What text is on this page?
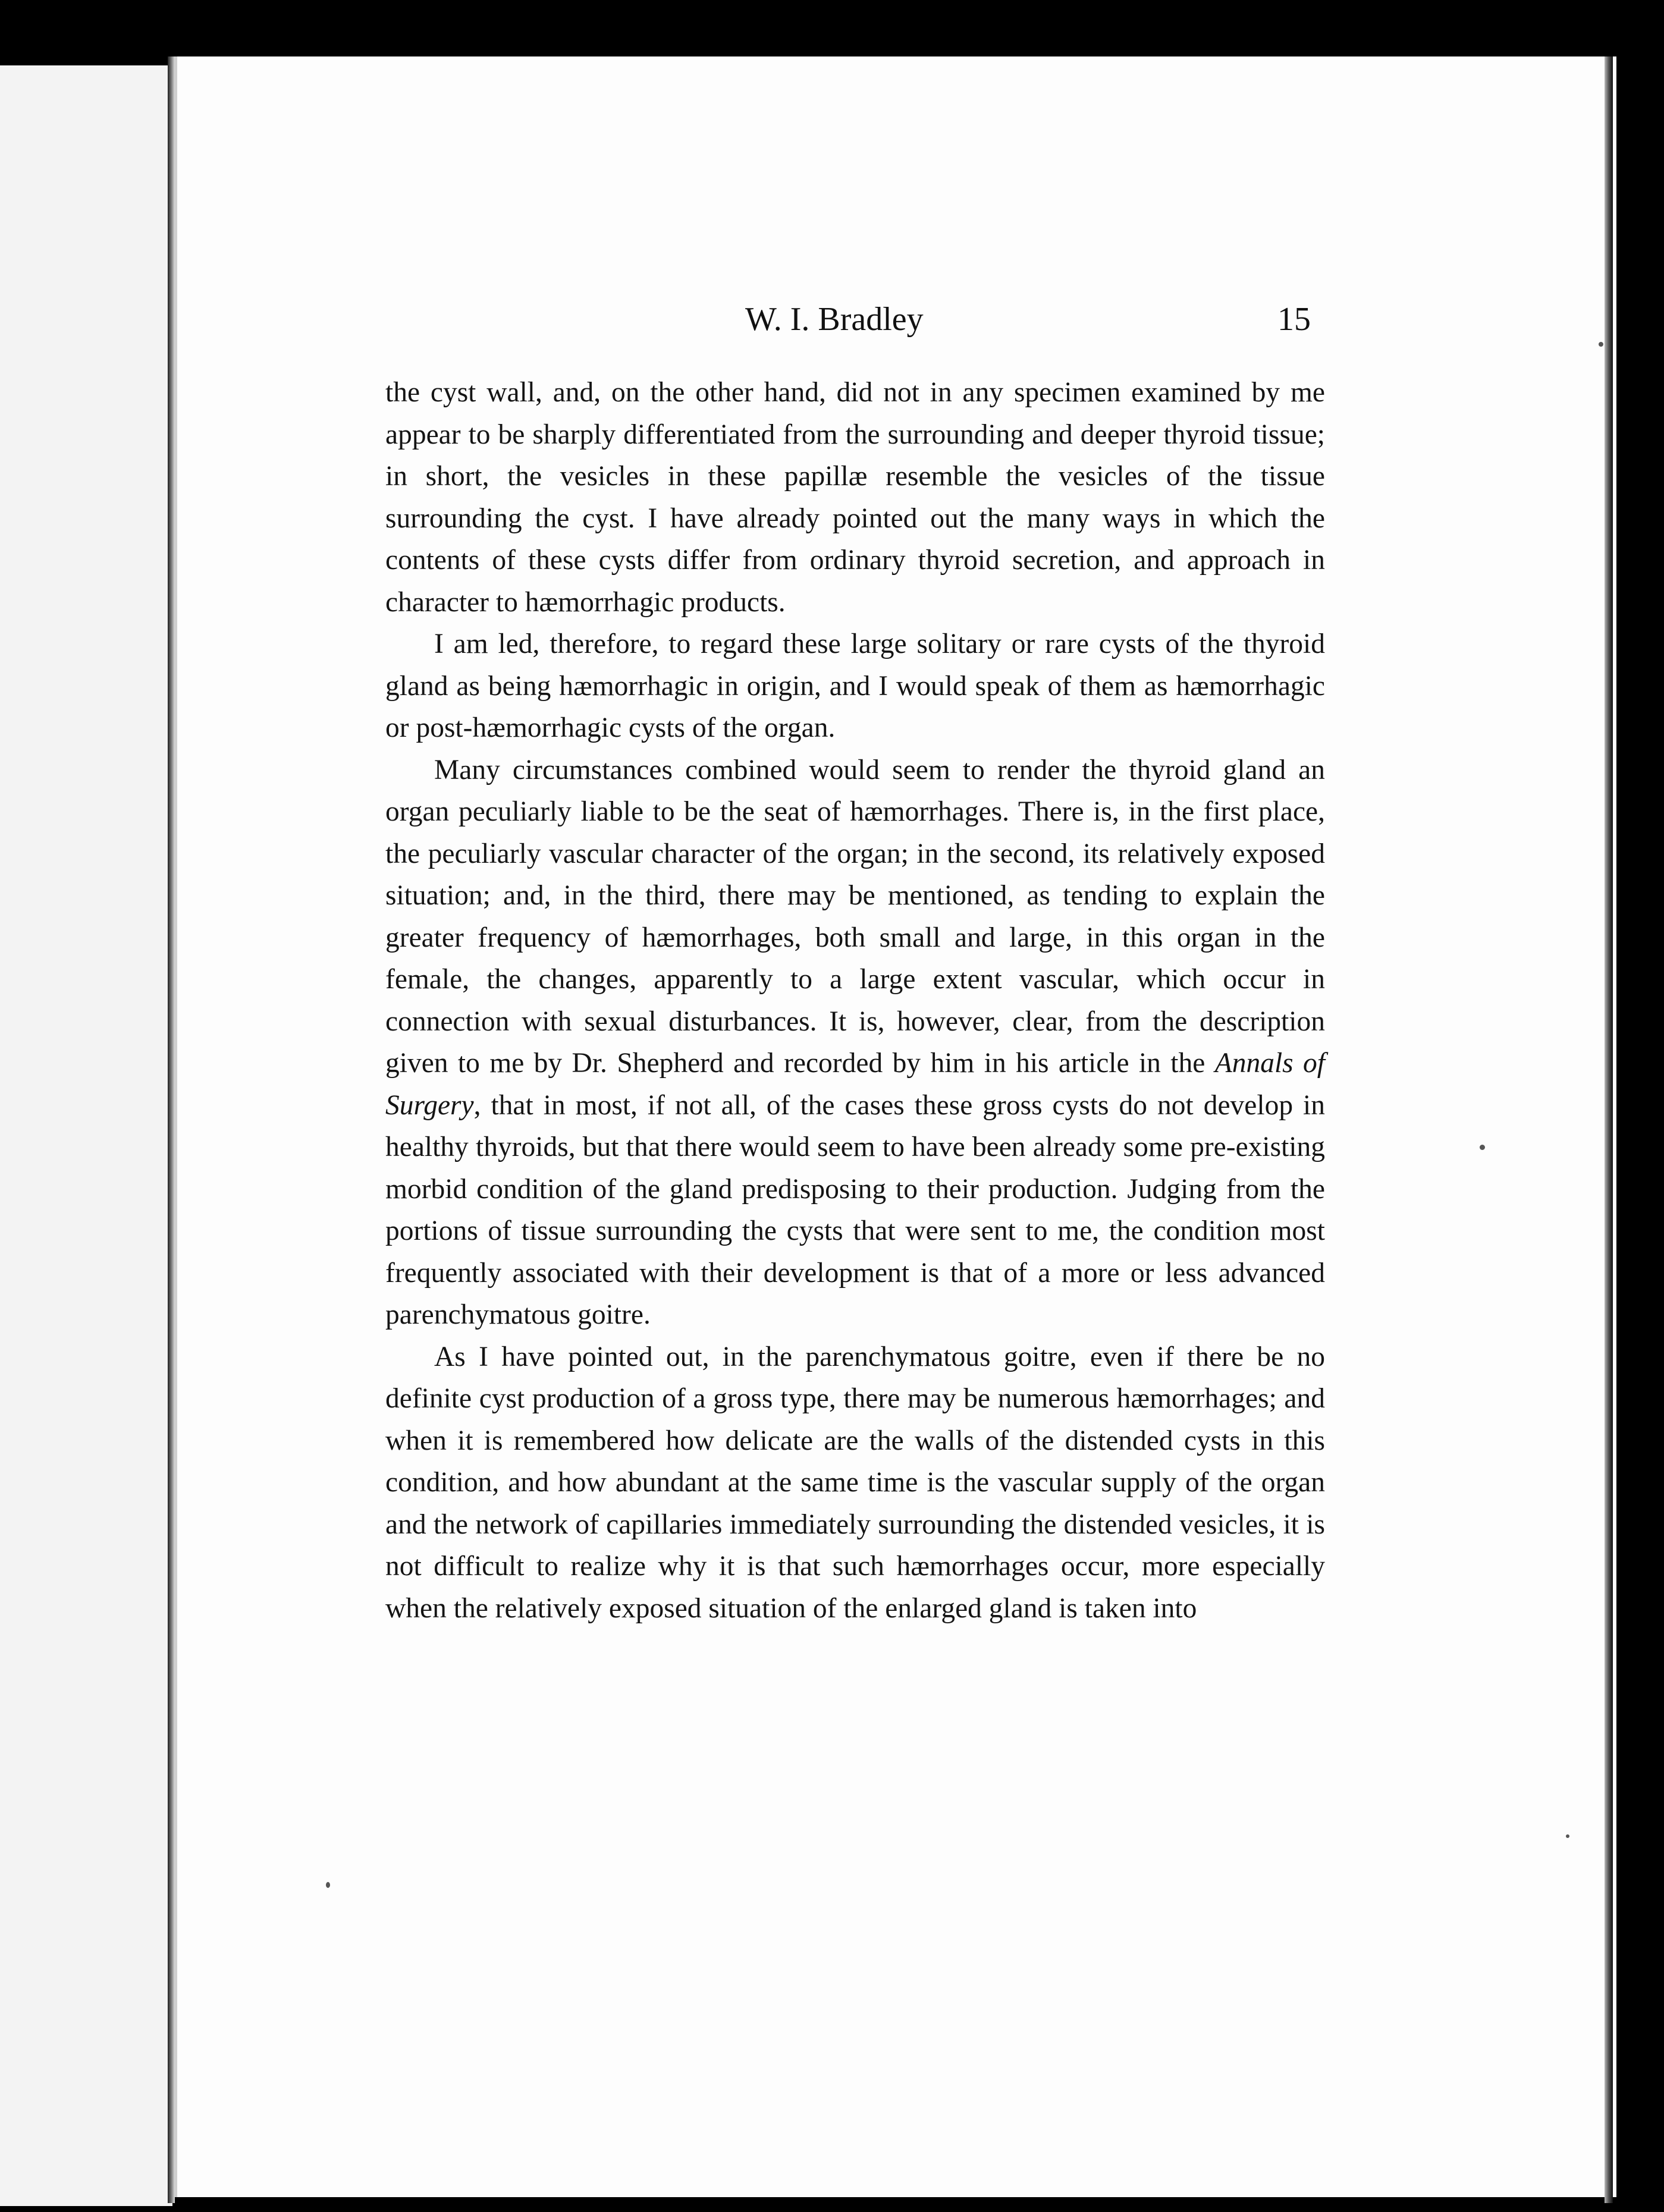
W. I. Bradley	15

the cyst wall, and, on the other hand, did not in any specimen examined by me appear to be sharply differentiated from the surrounding and deeper thyroid tissue; in short, the vesicles in these papillæ resemble the vesicles of the tissue surrounding the cyst. I have already pointed out the many ways in which the contents of these cysts differ from ordinary thyroid secretion, and approach in character to hæmorrhagic products.

I am led, therefore, to regard these large solitary or rare cysts of the thyroid gland as being hæmorrhagic in origin, and I would speak of them as hæmorrhagic or post-hæmorrhagic cysts of the organ.

Many circumstances combined would seem to render the thyroid gland an organ peculiarly liable to be the seat of hæmorrhages. There is, in the first place, the peculiarly vascular character of the organ; in the second, its relatively exposed situation; and, in the third, there may be mentioned, as tending to explain the greater frequency of hæmorrhages, both small and large, in this organ in the female, the changes, apparently to a large extent vascular, which occur in connection with sexual disturbances. It is, however, clear, from the description given to me by Dr. Shepherd and recorded by him in his article in the Annals of Surgery, that in most, if not all, of the cases these gross cysts do not develop in healthy thyroids, but that there would seem to have been already some pre-existing morbid condition of the gland predisposing to their production. Judging from the portions of tissue surrounding the cysts that were sent to me, the condition most frequently associated with their development is that of a more or less advanced parenchymatous goitre.

As I have pointed out, in the parenchymatous goitre, even if there be no definite cyst production of a gross type, there may be numerous hæmorrhages; and when it is remembered how delicate are the walls of the distended cysts in this condition, and how abundant at the same time is the vascular supply of the organ and the network of capillaries immediately surrounding the distended vesicles, it is not difficult to realize why it is that such hæmorrhages occur, more especially when the relatively exposed situation of the enlarged gland is taken into
